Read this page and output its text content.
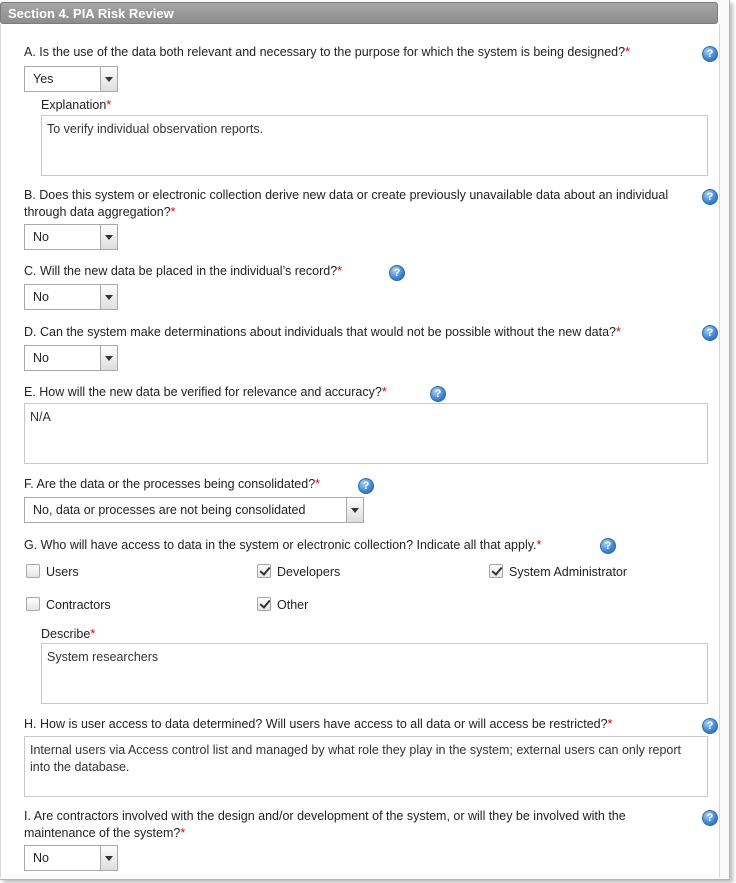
Section 4. PIA Risk Review
A. Is the use of the data both relevant and necessary to the purpose for which the system is being designed?*	?
Yes
Explanation*
To verify individual observation reports.
B. Does this system or electronic collection derive new data or create previously unavailable data about an individual through data aggregation?*
?
No
C. Will the new data be placed in the individual’s record?*	?
No
D. Can the system make determinations about individuals that would not be possible without the new data?*	?
No
E. How will the new data be verified for relevance and accuracy?*	?
N/A
F. Are the data or the processes being consolidated?*	?
No, data or processes are not being consolidated
G. Who will have access to data in the system or electronic collection? Indicate all that apply.*	?
Users	Developers	System Administrator
Contractors	Other
Describe*
System researchers
H. How is user access to data determined? Will users have access to all data or will access be restricted?*	?
Internal users via Access control list and managed by what role they play in the system; external users can only report into the database.
I. Are contractors involved with the design and/or development of the system, or will they be involved with the maintenance of the system?*
?
No
